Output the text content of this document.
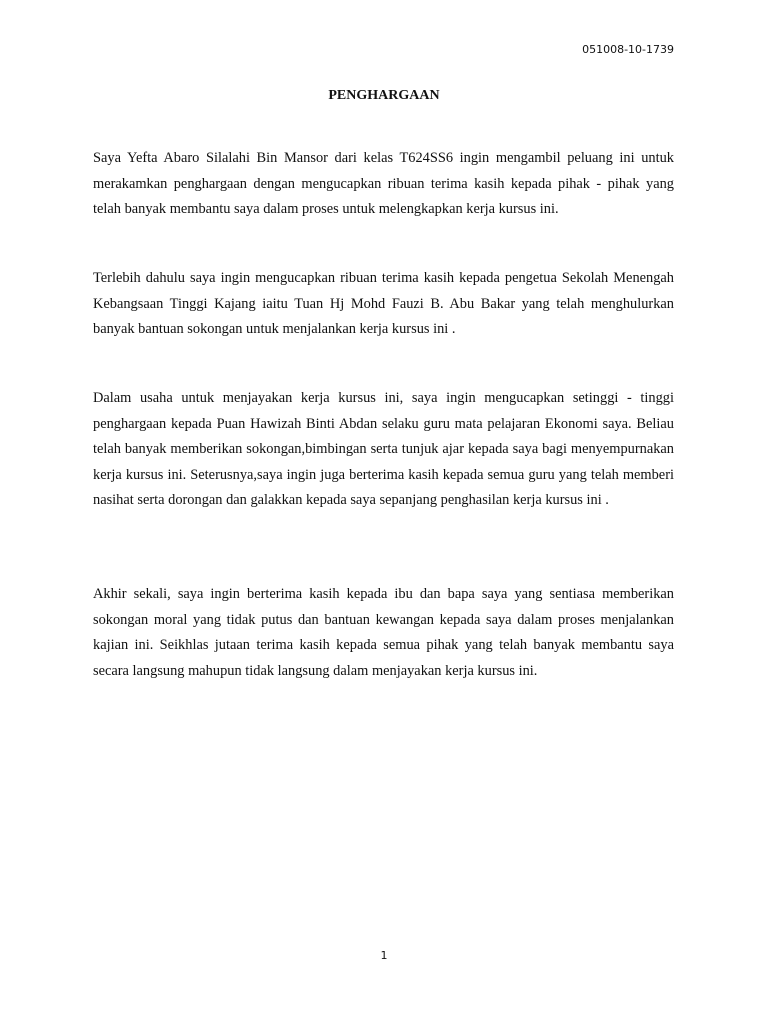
051008-10-1739
PENGHARGAAN
Saya Yefta Abaro Silalahi Bin Mansor dari kelas T624SS6 ingin mengambil peluang ini untuk merakamkan penghargaan dengan mengucapkan ribuan terima kasih kepada pihak - pihak yang telah banyak membantu saya dalam proses untuk melengkapkan kerja kursus ini.
Terlebih dahulu saya ingin mengucapkan ribuan terima kasih kepada pengetua Sekolah Menengah Kebangsaan Tinggi Kajang iaitu Tuan Hj Mohd Fauzi B. Abu Bakar yang telah menghulurkan banyak bantuan sokongan untuk menjalankan kerja kursus ini .
Dalam usaha untuk menjayakan kerja kursus ini, saya ingin mengucapkan setinggi - tinggi penghargaan kepada Puan Hawizah Binti Abdan selaku guru mata pelajaran Ekonomi saya. Beliau telah banyak memberikan sokongan,bimbingan serta tunjuk ajar kepada saya bagi menyempurnakan kerja kursus ini. Seterusnya,saya ingin juga berterima kasih kepada semua guru yang telah memberi nasihat serta dorongan dan galakkan kepada saya sepanjang penghasilan kerja kursus ini .
Akhir sekali, saya ingin berterima kasih kepada ibu dan bapa saya yang sentiasa memberikan sokongan moral yang tidak putus dan bantuan kewangan kepada saya dalam proses menjalankan kajian ini. Seikhlas jutaan terima kasih kepada semua pihak yang telah banyak membantu saya secara langsung mahupun tidak langsung dalam menjayakan kerja kursus ini.
1
